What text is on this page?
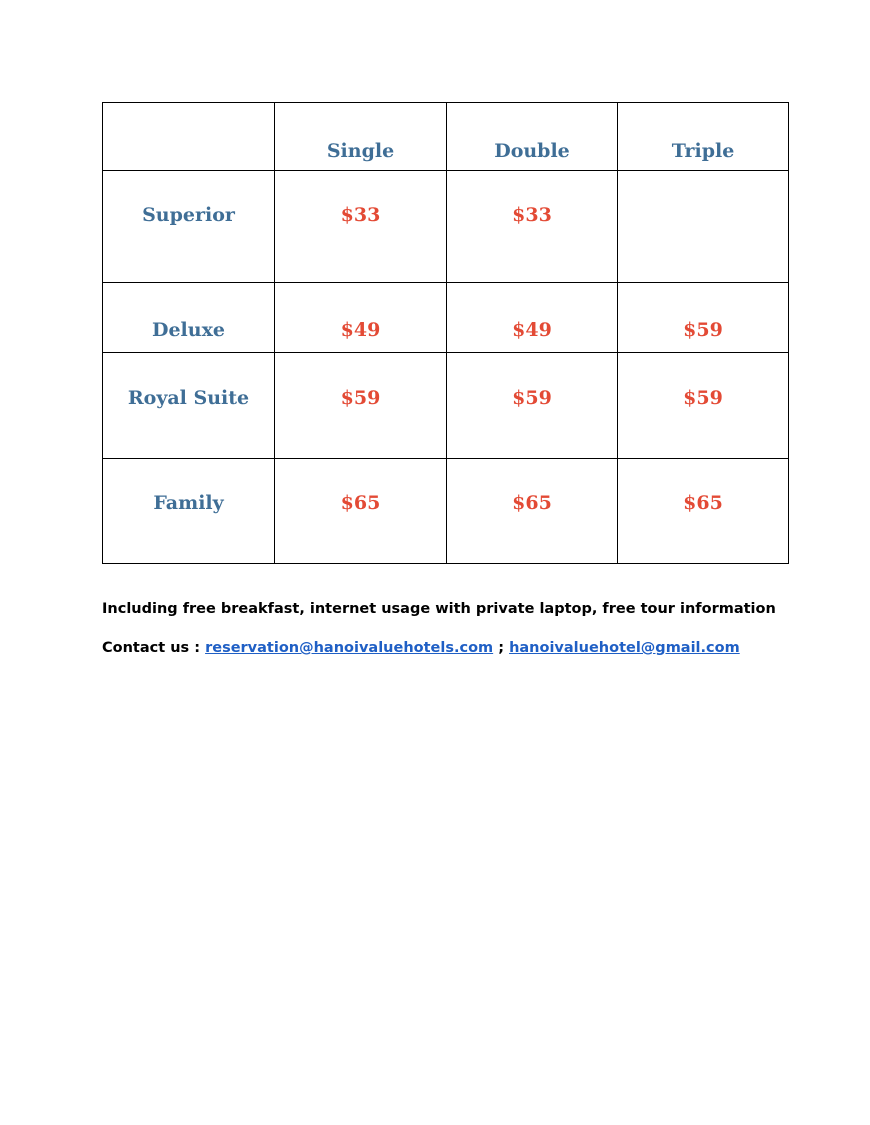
	Single	Double	Triple
Superior	$33	$33	
Deluxe	$49	$49	$59
Royal Suite	$59	$59	$59
Family	$65	$65	$65

Including free breakfast, internet usage with private laptop, free tour information

Contact us : reservation@hanoivaluehotels.com ; hanoivaluehotel@gmail.com
